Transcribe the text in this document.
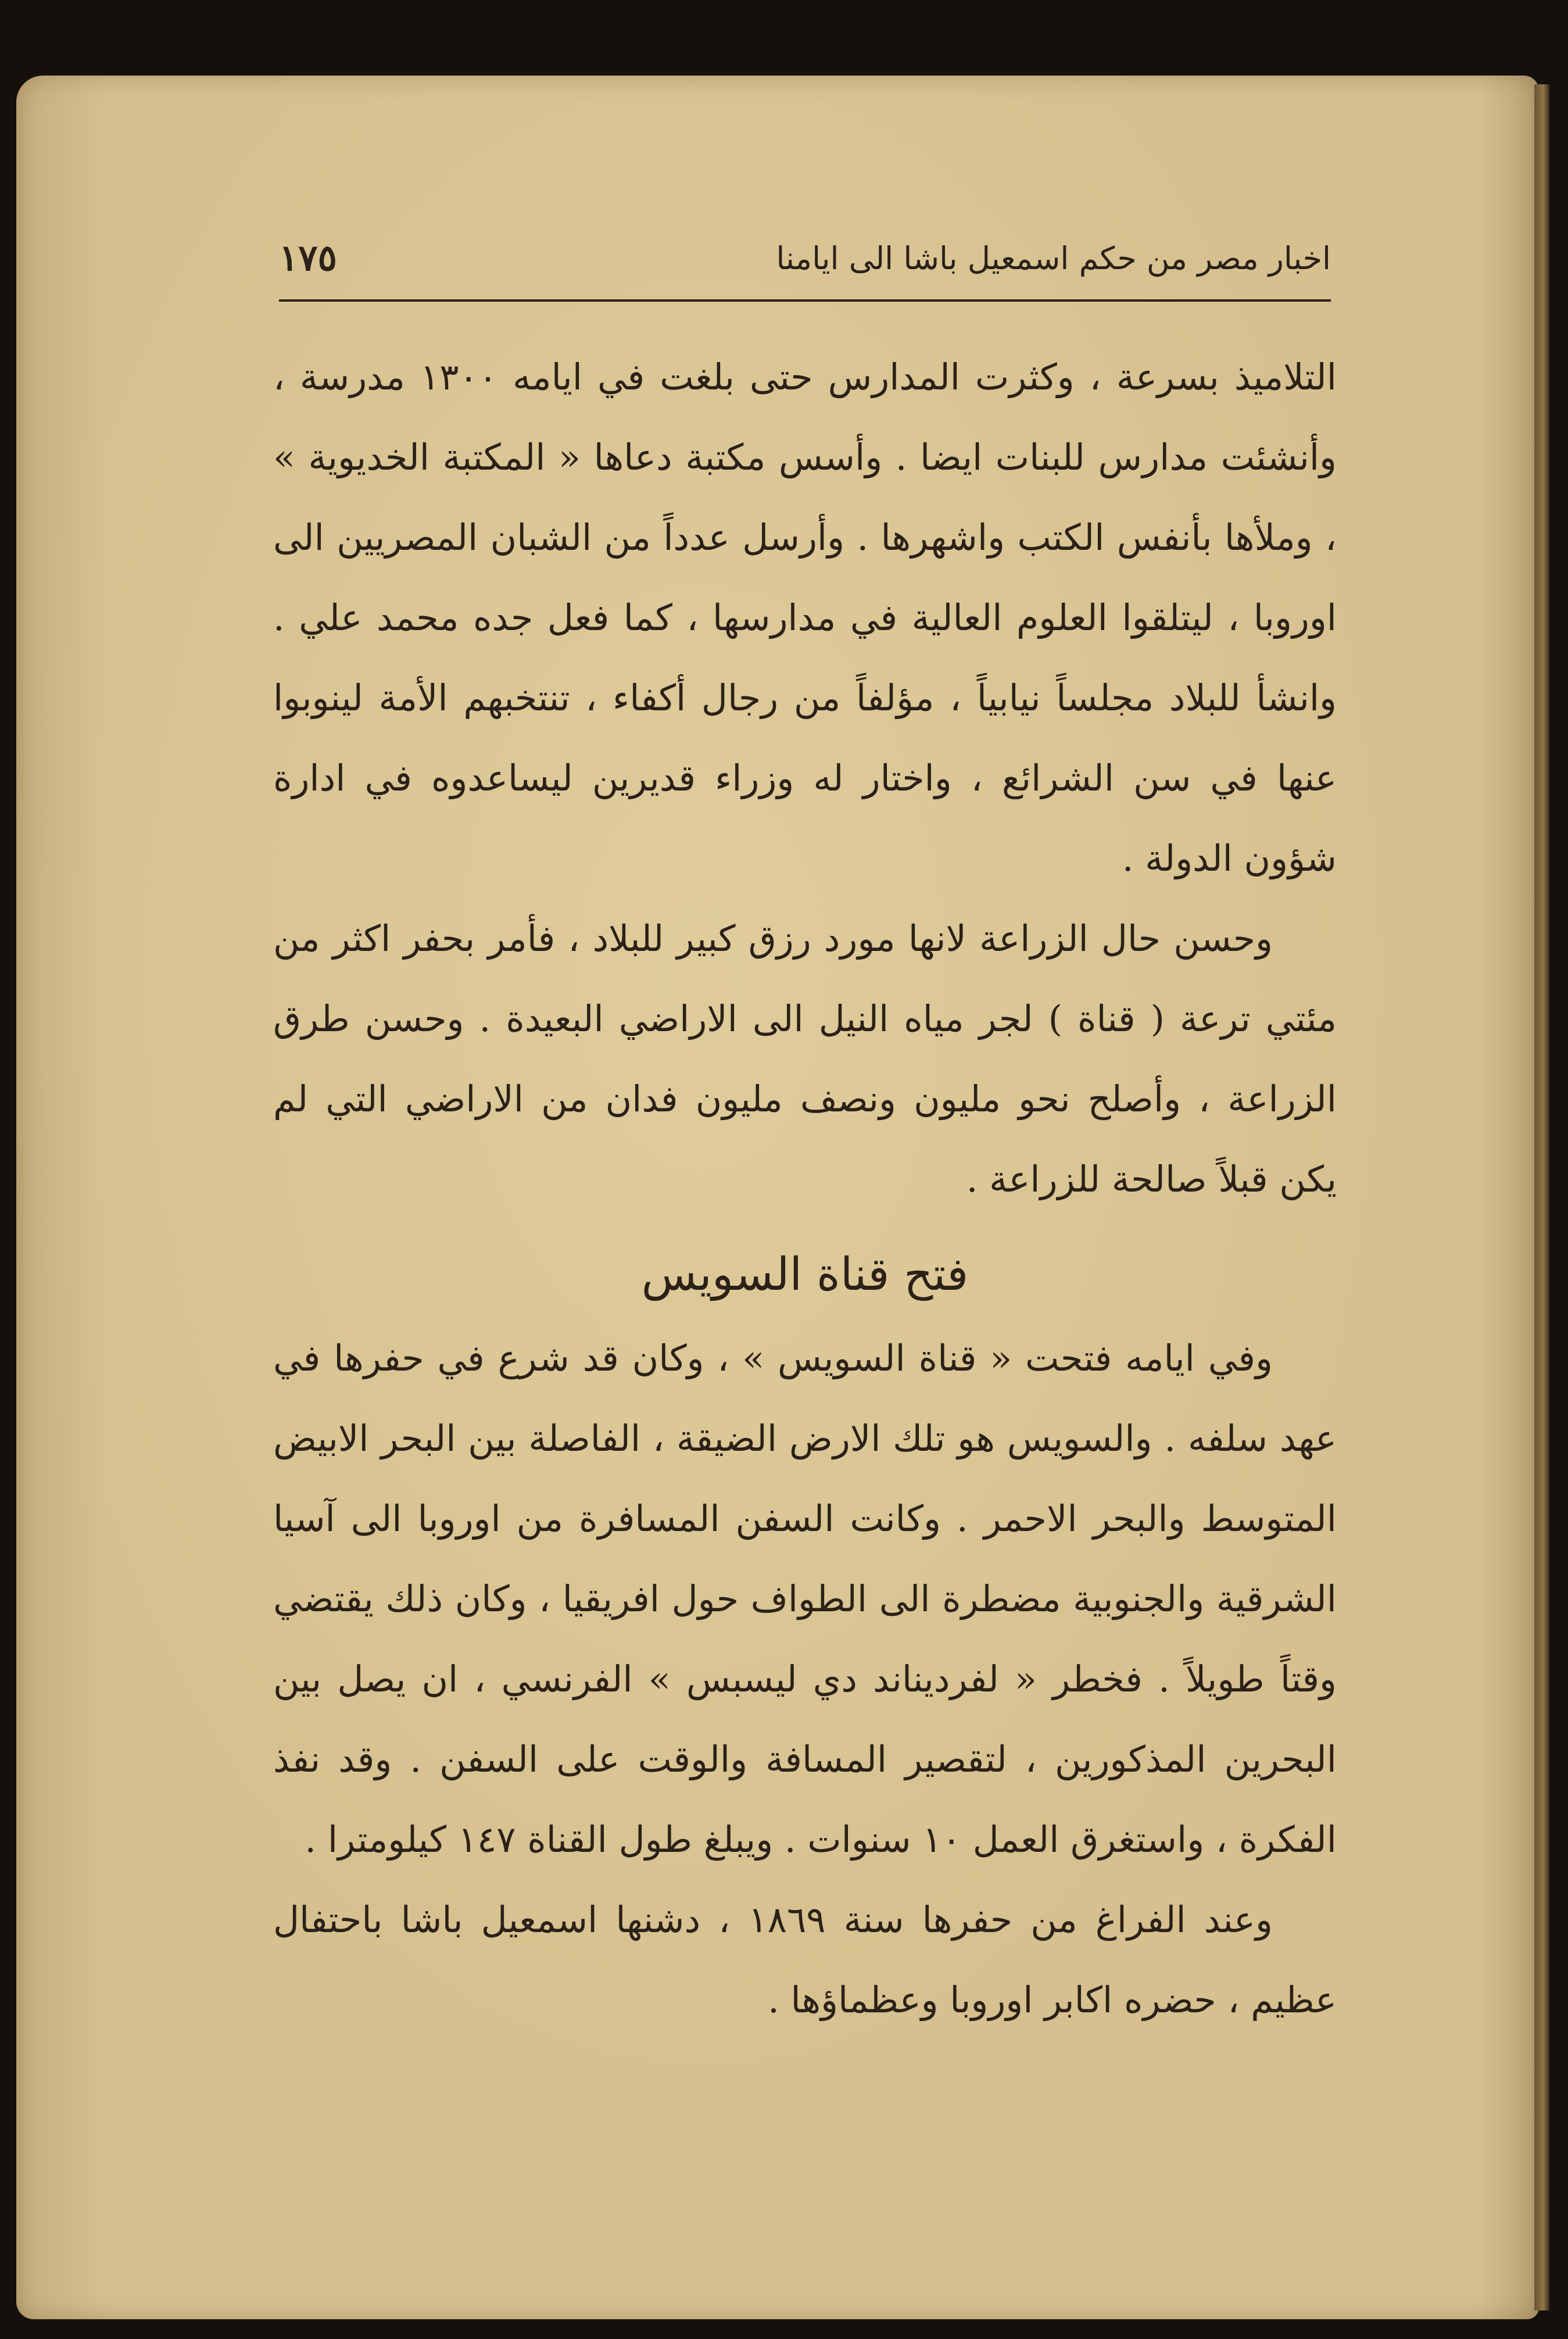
اخبار مصر من حكم اسمعيل باشا الى ايامنا
١٧٥

التلاميذ بسرعة ، وكثرت المدارس حتى بلغت في ايامه ١٣٠٠ مدرسة ، وأنشئت مدارس للبنات ايضا . وأسس مكتبة دعاها « المكتبة الخديوية » ، وملأها بأنفس الكتب واشهرها . وأرسل عدداً من الشبان المصريين الى اوروبا ، ليتلقوا العلوم العالية في مدارسها ، كما فعل جده محمد علي . وانشأ للبلاد مجلساً نيابياً ، مؤلفاً من رجال أكفاء ، تنتخبهم الأمة لينوبوا عنها في سن الشرائع ، واختار له وزراء قديرين ليساعدوه في ادارة شؤون الدولة .

وحسن حال الزراعة لانها مورد رزق كبير للبلاد ، فأمر بحفر اكثر من مئتي ترعة ( قناة ) لجر مياه النيل الى الاراضي البعيدة . وحسن طرق الزراعة ، وأصلح نحو مليون ونصف مليون فدان من الاراضي التي لم يكن قبلاً صالحة للزراعة .

فتح قناة السويس

وفي ايامه فتحت « قناة السويس » ، وكان قد شرع في حفرها في عهد سلفه . والسويس هو تلك الارض الضيقة ، الفاصلة بين البحر الابيض المتوسط والبحر الاحمر . وكانت السفن المسافرة من اوروبا الى آسيا الشرقية والجنوبية مضطرة الى الطواف حول افريقيا ، وكان ذلك يقتضي وقتاً طويلاً . فخطر « لفرديناند دي ليسبس » الفرنسي ، ان يصل بين البحرين المذكورين ، لتقصير المسافة والوقت على السفن . وقد نفذ الفكرة ، واستغرق العمل ١٠ سنوات . ويبلغ طول القناة ١٤٧ كيلومترا .

وعند الفراغ من حفرها سنة ١٨٦٩ ، دشنها اسمعيل باشا باحتفال عظيم ، حضره اكابر اوروبا وعظماؤها .
